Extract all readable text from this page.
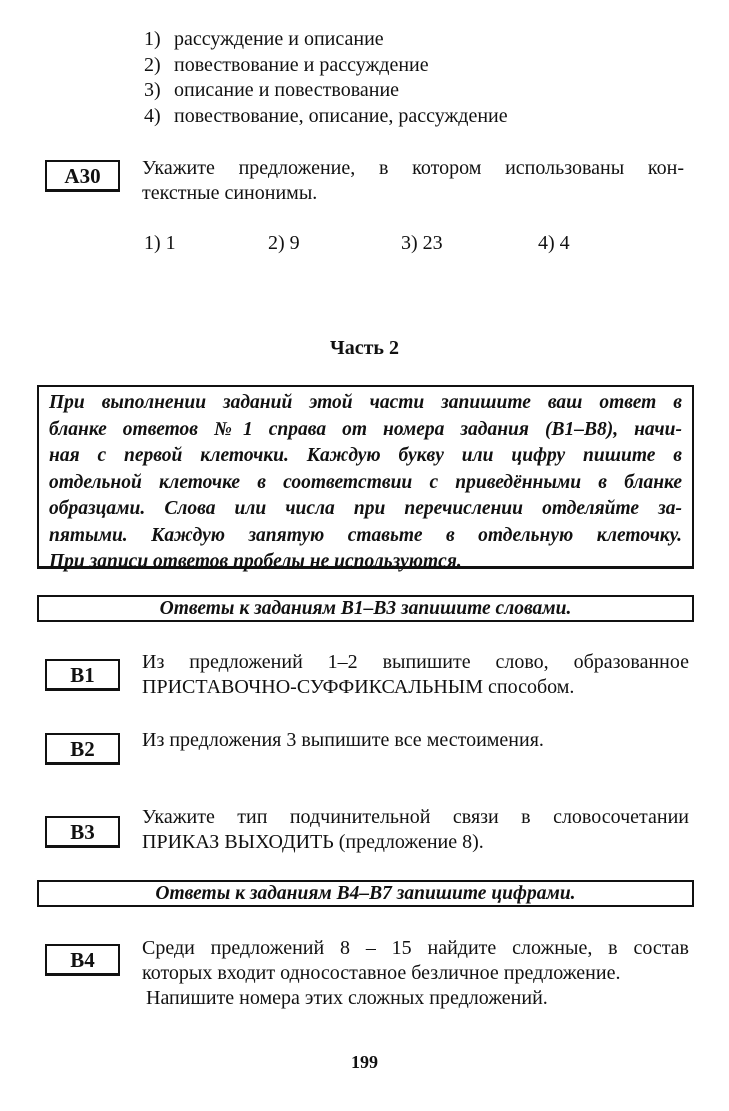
1) рассуждение и описание
2) повествование и рассуждение
3) описание и повествование
4) повествование, описание, рассуждение
А30	Укажите предложение, в котором использованы кон-
текстные синонимы.
1) 1	2) 9	3) 23	4) 4
Часть 2
При выполнении заданий этой части запишите ваш ответ в
бланке ответов №1 справа от номера задания (В1–В8), начи-
ная с первой клеточки. Каждую букву или цифру пишите в
отдельной клеточке в соответствии с приведёнными в бланке
образцами. Слова или числа при перечислении отделяйте за-
пятыми. Каждую запятую ставьте в отдельную клеточку.
При записи ответов пробелы не используются.
Ответы к заданиям В1–В3 запишите словами.
В1
Из предложений 1–2 выпишите слово, образованное
ПРИСТАВОЧНО-СУФФИКСАЛЬНЫМ способом.
В2	Из предложения 3 выпишите все местоимения.
В3
Укажите тип подчинительной связи в словосочетании
ПРИКАЗ ВЫХОДИТЬ (предложение 8).
Ответы к заданиям В4–В7 запишите цифрами.
В4	Среди предложений 8 – 15 найдите сложные, в состав
которых входит односоставное безличное предложение.
Напишите номера этих сложных предложений.
199
